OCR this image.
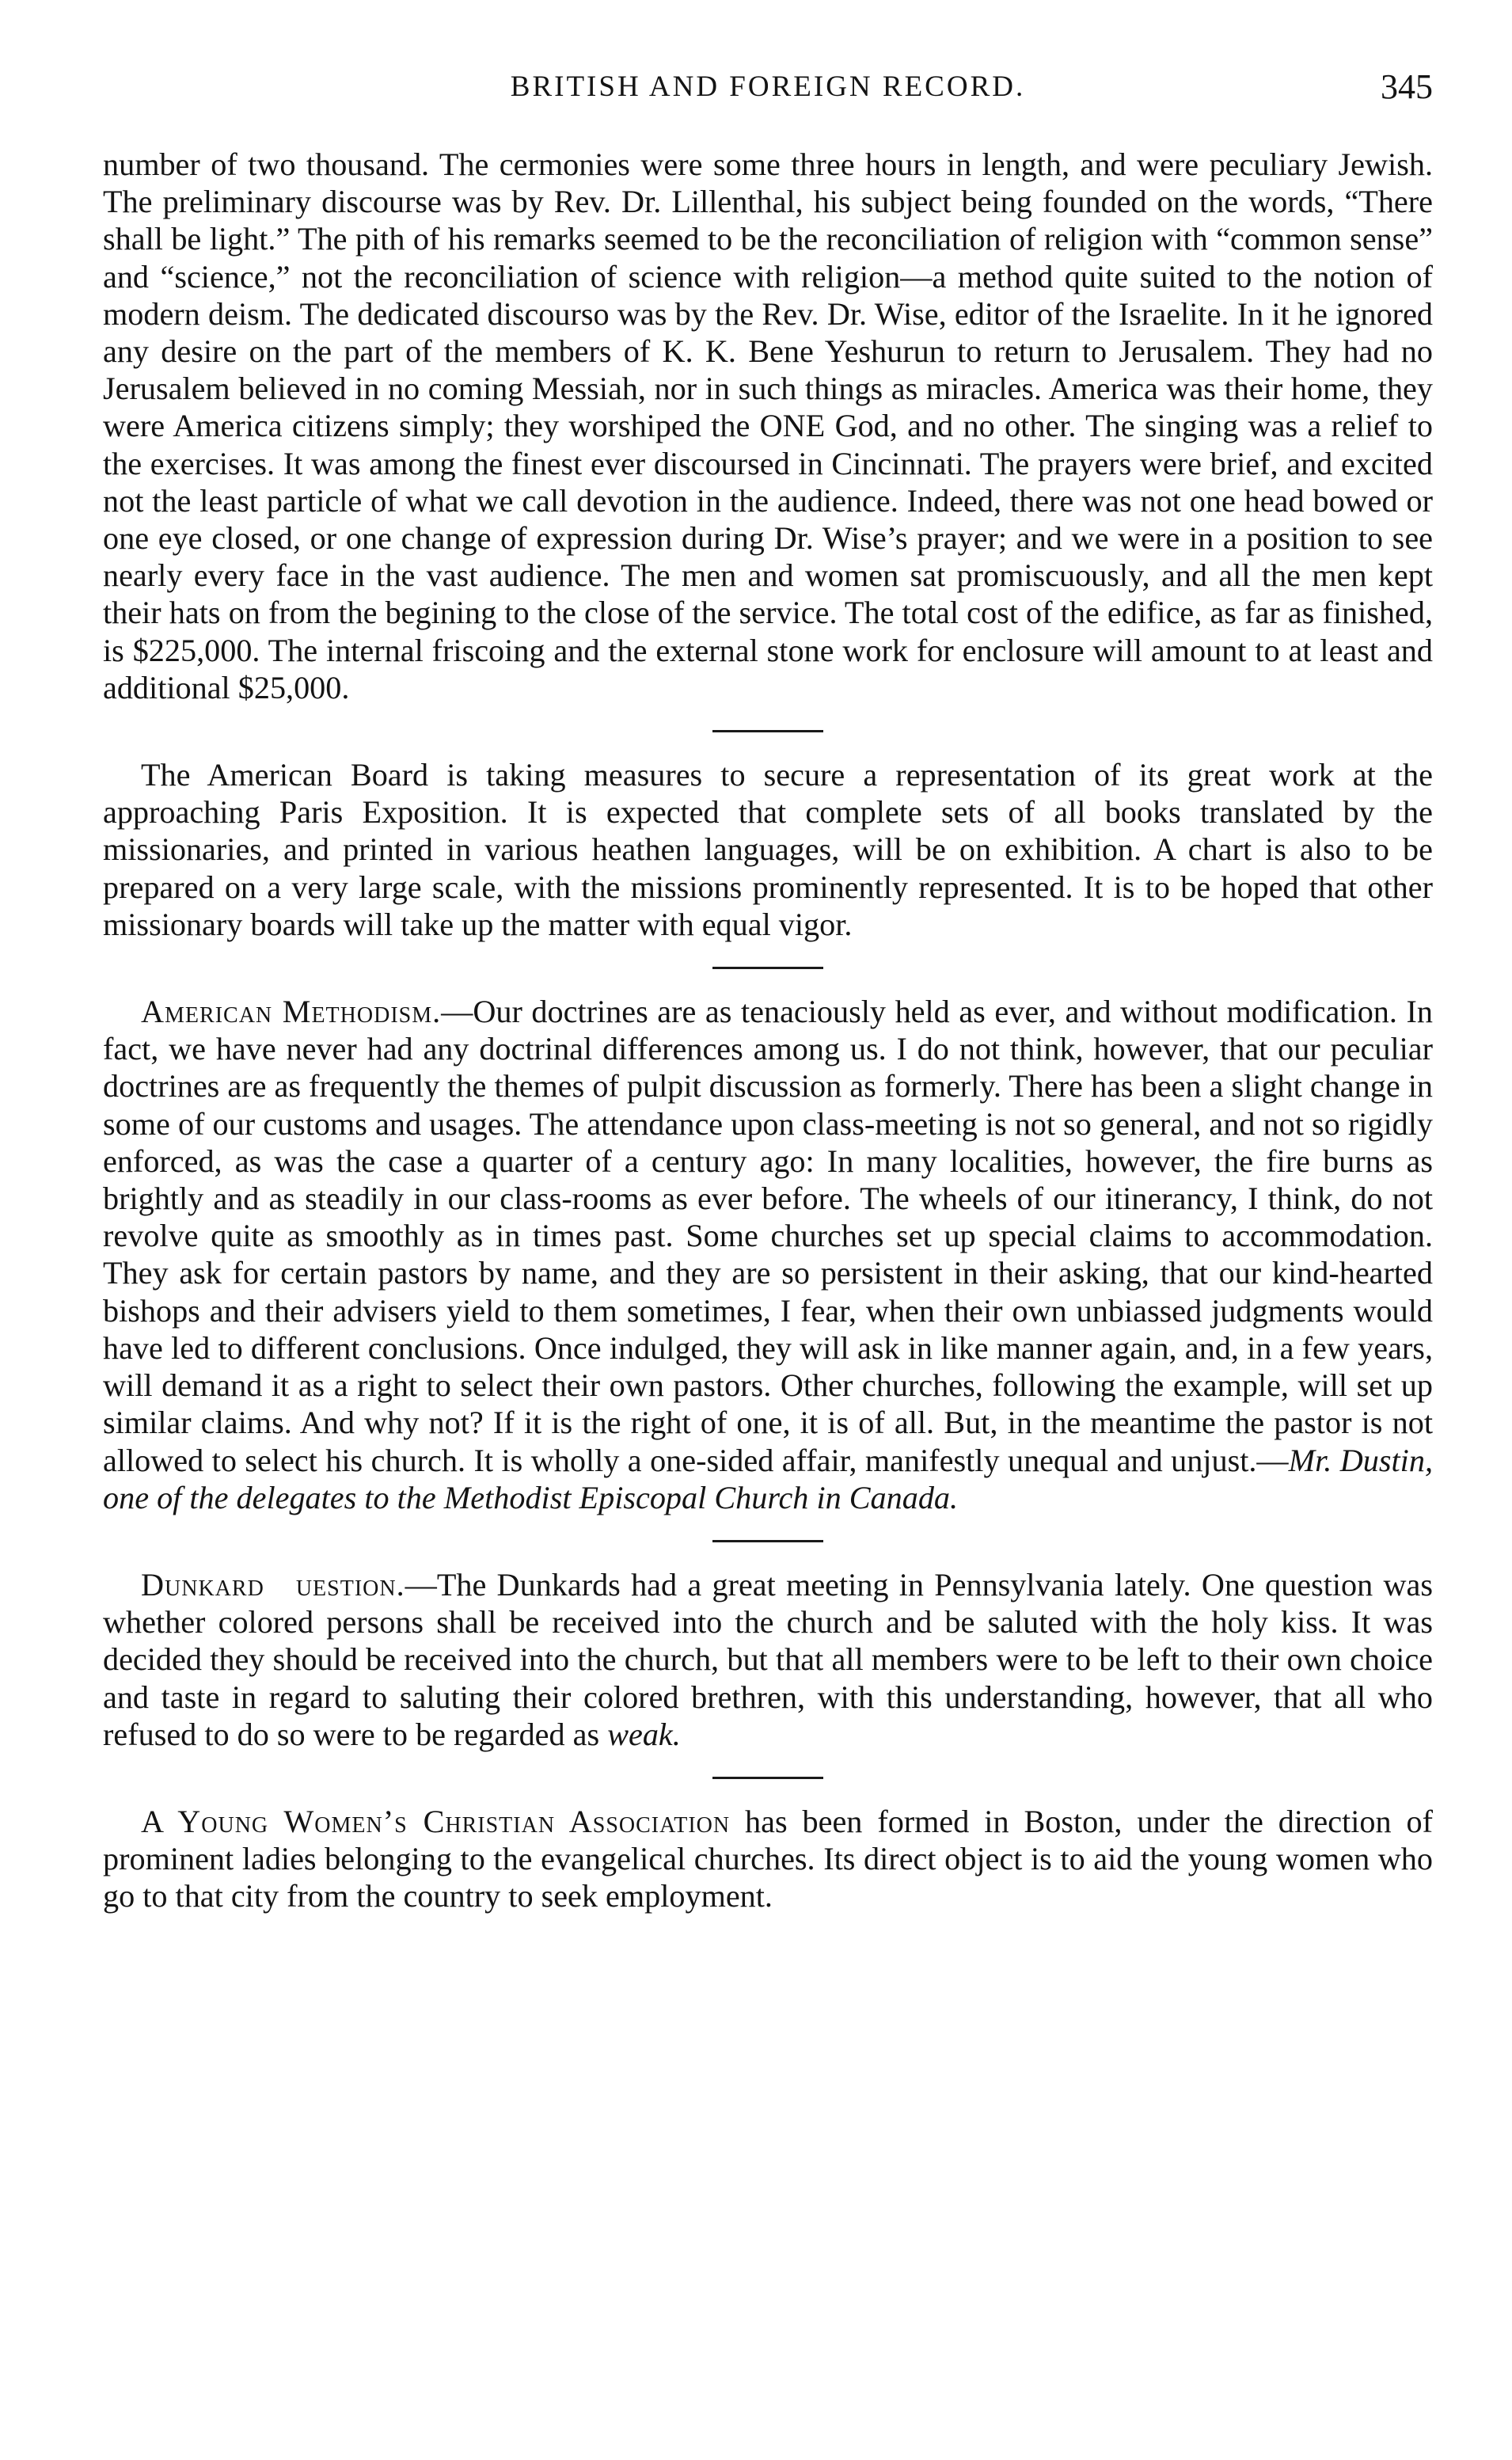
BRITISH AND FOREIGN RECORD.	345

number of two thousand. The cermonies were some three hours in length, and were peculiary Jewish. The preliminary discourse was by Rev. Dr. Lillenthal, his subject being founded on the words, “There shall be light.” The pith of his remarks seemed to be the reconciliation of religion with “common sense” and “science,” not the reconciliation of science with religion—a method quite suited to the notion of modern deism. The dedicated discourso was by the Rev. Dr. Wise, editor of the Israelite. In it he ignored any desire on the part of the members of K. K. Bene Yeshurun to return to Jerusalem. They had no Jerusalem believed in no coming Messiah, nor in such things as miracles. America was their home, they were America citizens simply; they worshiped the ONE God, and no other. The singing was a relief to the exercises. It was among the finest ever discoursed in Cincinnati. The prayers were brief, and excited not the least particle of what we call devotion in the audience. Indeed, there was not one head bowed or one eye closed, or one change of expression during Dr. Wise’s prayer; and we were in a position to see nearly every face in the vast audience. The men and women sat promiscuously, and all the men kept their hats on from the begining to the close of the service. The total cost of the edifice, as far as finished, is $225,000. The internal friscoing and the external stone work for enclosure will amount to at least and additional $25,000.

The American Board is taking measures to secure a representation of its great work at the approaching Paris Exposition. It is expected that complete sets of all books translated by the missionaries, and printed in various heathen languages, will be on exhibition. A chart is also to be prepared on a very large scale, with the missions prominently represented. It is to be hoped that other missionary boards will take up the matter with equal vigor.

American Methodism.—Our doctrines are as tenaciously held as ever, and without modification. In fact, we have never had any doctrinal differences among us. I do not think, however, that our peculiar doctrines are as frequently the themes of pulpit discussion as formerly. There has been a slight change in some of our customs and usages. The attendance upon class-meeting is not so general, and not so rigidly enforced, as was the case a quarter of a century ago: In many localities, however, the fire burns as brightly and as steadily in our class-rooms as ever before. The wheels of our itinerancy, I think, do not revolve quite as smoothly as in times past. Some churches set up special claims to accommodation. They ask for certain pastors by name, and they are so persistent in their asking, that our kind-hearted bishops and their advisers yield to them sometimes, I fear, when their own unbiassed judgments would have led to different conclusions. Once indulged, they will ask in like manner again, and, in a few years, will demand it as a right to select their own pastors. Other churches, following the example, will set up similar claims. And why not? If it is the right of one, it is of all. But, in the meantime the pastor is not allowed to select his church. It is wholly a one-sided affair, manifestly unequal and unjust.—Mr. Dustin, one of the delegates to the Methodist Episcopal Church in Canada.

Dunkard uestion.—The Dunkards had a great meeting in Pennsylvania lately. One question was whether colored persons shall be received into the church and be saluted with the holy kiss. It was decided they should be received into the church, but that all members were to be left to their own choice and taste in regard to saluting their colored brethren, with this understanding, however, that all who refused to do so were to be regarded as weak.

A Young Women’s Christian Association has been formed in Boston, under the direction of prominent ladies belonging to the evangelical churches. Its direct object is to aid the young women who go to that city from the country to seek employment.
